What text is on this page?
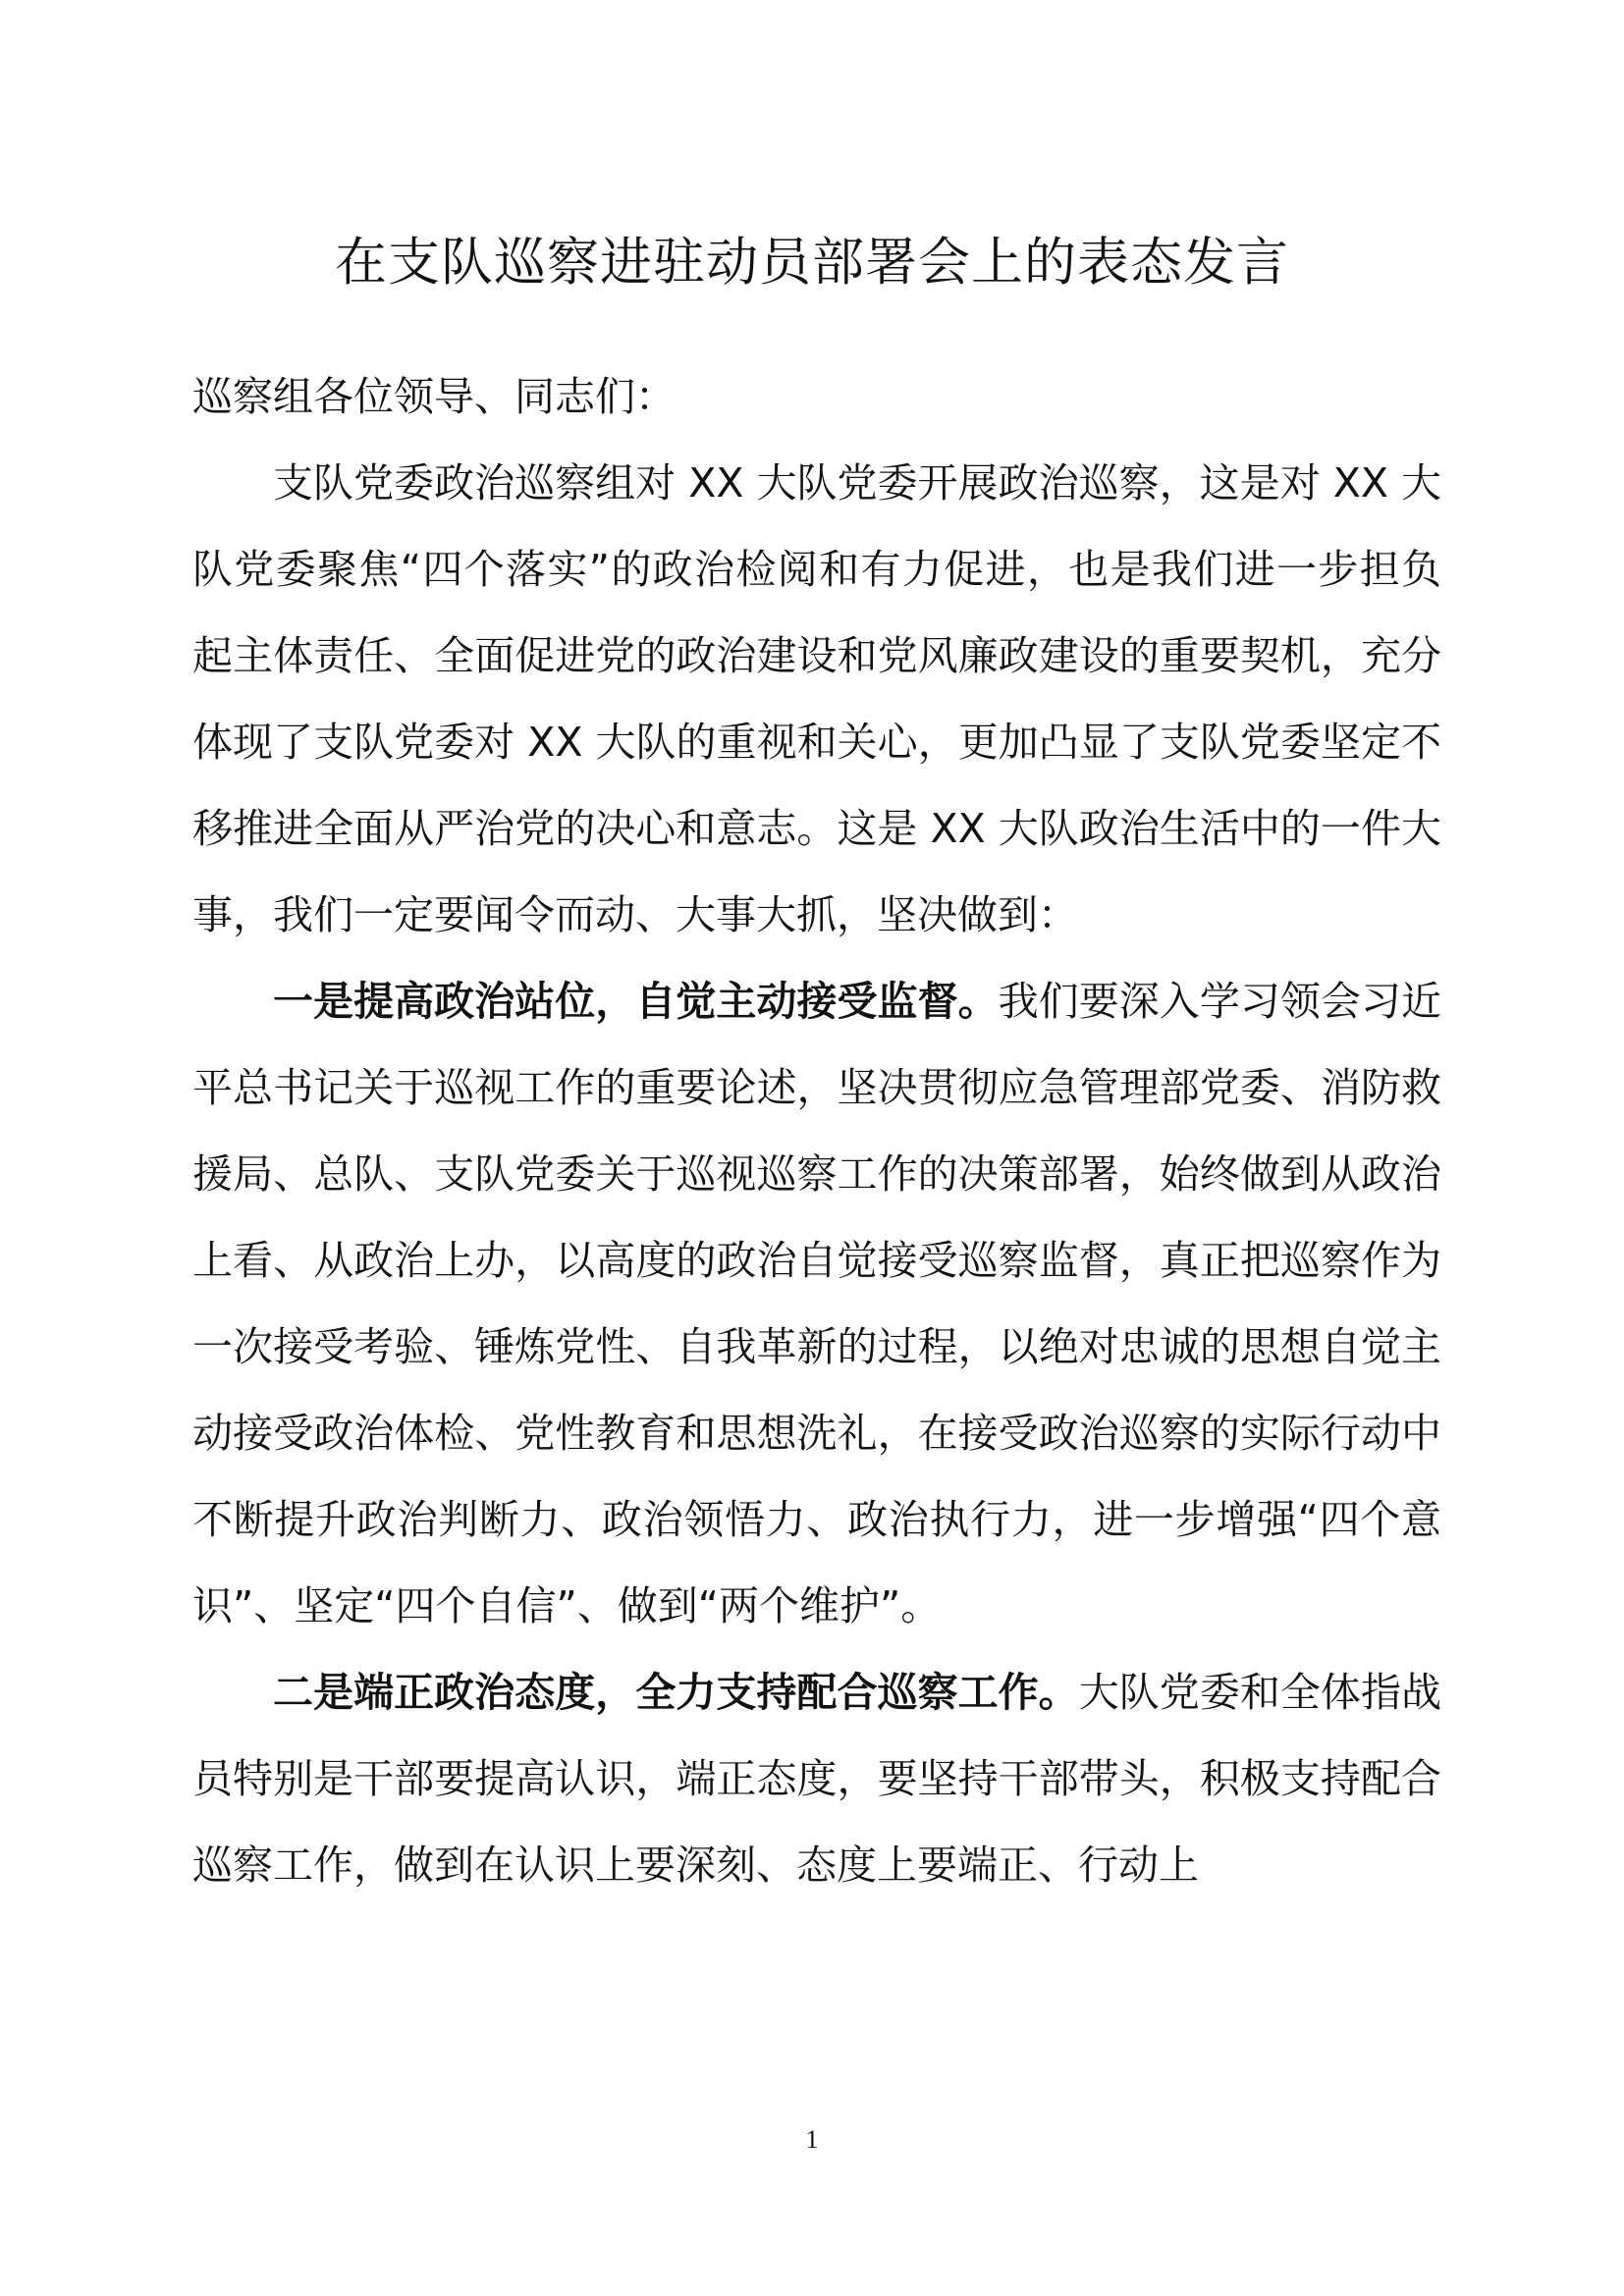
在支队巡察进驻动员部署会上的表态发言

巡察组各位领导、同志们：

支队党委政治巡察组对 XX 大队党委开展政治巡察，这是对 XX 大队党委聚焦“四个落实”的政治检阅和有力促进，也是我们进一步担负起主体责任、全面促进党的政治建设和党风廉政建设的重要契机，充分体现了支队党委对 XX 大队的重视和关心，更加凸显了支队党委坚定不移推进全面从严治党的决心和意志。这是 XX 大队政治生活中的一件大事，我们一定要闻令而动、大事大抓，坚决做到：

一是提高政治站位，自觉主动接受监督。我们要深入学习领会习近平总书记关于巡视工作的重要论述，坚决贯彻应急管理部党委、消防救援局、总队、支队党委关于巡视巡察工作的决策部署，始终做到从政治上看、从政治上办，以高度的政治自觉接受巡察监督，真正把巡察作为一次接受考验、锤炼党性、自我革新的过程，以绝对忠诚的思想自觉主动接受政治体检、党性教育和思想洗礼，在接受政治巡察的实际行动中不断提升政治判断力、政治领悟力、政治执行力，进一步增强“四个意识”、坚定“四个自信”、做到“两个维护”。

二是端正政治态度，全力支持配合巡察工作。大队党委和全体指战员特别是干部要提高认识，端正态度，要坚持干部带头，积极支持配合巡察工作，做到在认识上要深刻、态度上要端正、行动上

1
